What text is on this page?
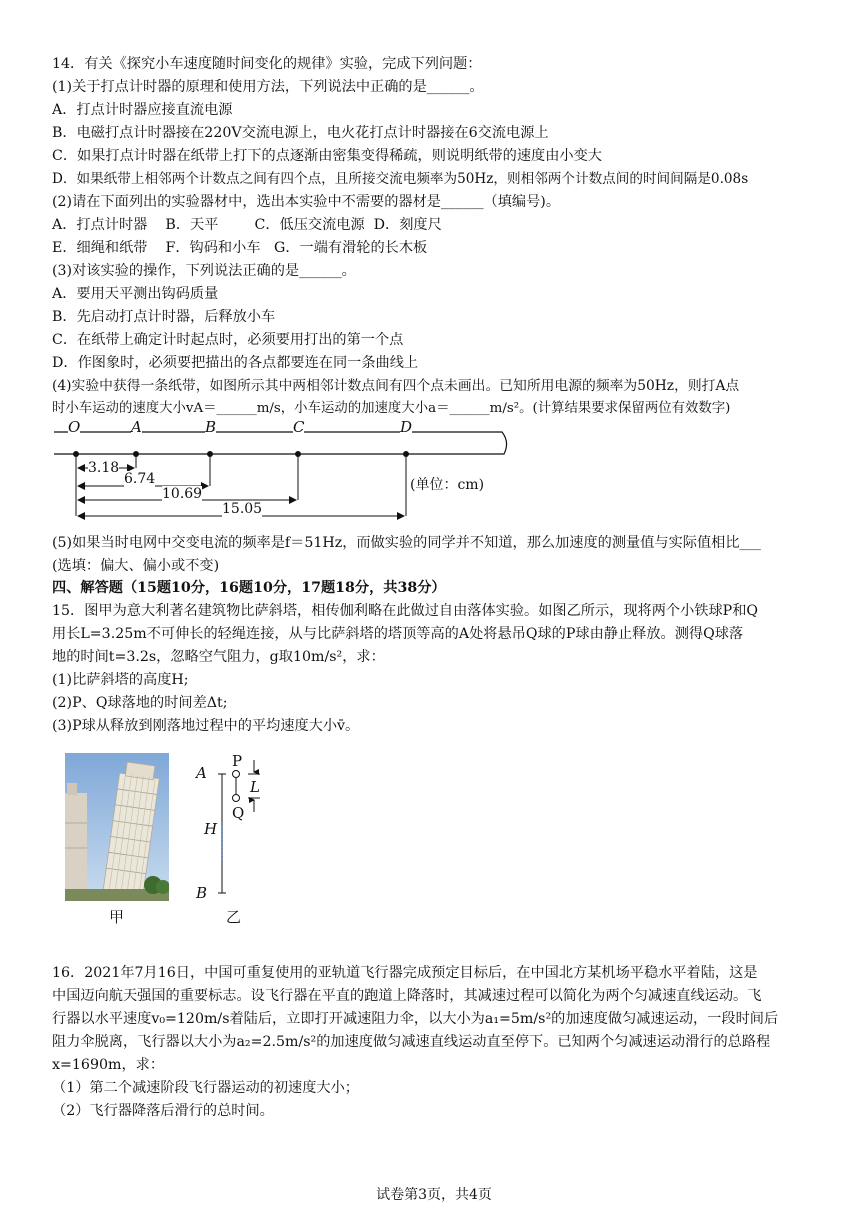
14．有关《探究小车速度随时间变化的规律》实验，完成下列问题：
(1)关于打点计时器的原理和使用方法，下列说法中正确的是______。
A．打点计时器应接直流电源
B．电磁打点计时器接在220V交流电源上，电火花打点计时器接在6交流电源上
C．如果打点计时器在纸带上打下的点逐渐由密集变得稀疏，则说明纸带的速度由小变大
D．如果纸带上相邻两个计数点之间有四个点，且所接交流电频率为50Hz，则相邻两个计数点间的时间间隔是0.08s
(2)请在下面列出的实验器材中，选出本实验中不需要的器材是______（填编号)。
A．打点计时器    B．天平        C．低压交流电源  D．刻度尺
E．细绳和纸带    F．钩码和小车   G．一端有滑轮的长木板
(3)对该实验的操作，下列说法正确的是______。
A．要用天平测出钩码质量
B．先启动打点计时器，后释放小车
C．在纸带上确定计时起点时，必须要用打出的第一个点
D．作图象时，必须要把描出的各点都要连在同一条曲线上
(4)实验中获得一条纸带，如图所示其中两相邻计数点间有四个点未画出。已知所用电源的频率为50Hz，则打A点
时小车运动的速度大小vA＝______m/s，小车运动的加速度大小a＝______m/s²。(计算结果要求保留两位有效数字)
O	A	B	C	D
3.18
6.74
10.69
15.05
(单位：cm)
(5)如果当时电网中交变电流的频率是f＝51Hz，而做实验的同学并不知道，那么加速度的测量值与实际值相比___
(选填：偏大、偏小或不变)
四、解答题（15题10分，16题10分，17题18分，共38分）
15．图甲为意大利著名建筑物比萨斜塔，相传伽利略在此做过自由落体实验。如图乙所示，现将两个小铁球P和Q
用长L=3.25m不可伸长的轻绳连接，从与比萨斜塔的塔顶等高的A处将悬吊Q球的P球由静止释放。测得Q球落
地的时间t=3.2s，忽略空气阻力，g取10m/s²，求：
(1)比萨斜塔的高度H;
(2)P、Q球落地的时间差Δt;
(3)P球从释放到刚落地过程中的平均速度大小v̄。
甲
A
P
L
Q
H
B
乙
16．2021年7月16日，中国可重复使用的亚轨道飞行器完成预定目标后，在中国北方某机场平稳水平着陆，这是
中国迈向航天强国的重要标志。设飞行器在平直的跑道上降落时，其减速过程可以简化为两个匀减速直线运动。飞
行器以水平速度v₀=120m/s着陆后，立即打开减速阻力伞，以大小为a₁=5m/s²的加速度做匀减速运动，一段时间后
阻力伞脱离，飞行器以大小为a₂=2.5m/s²的加速度做匀减速直线运动直至停下。已知两个匀减速运动滑行的总路程
x=1690m，求：
（1）第二个减速阶段飞行器运动的初速度大小；
（2）飞行器降落后滑行的总时间。
试卷第3页，共4页
